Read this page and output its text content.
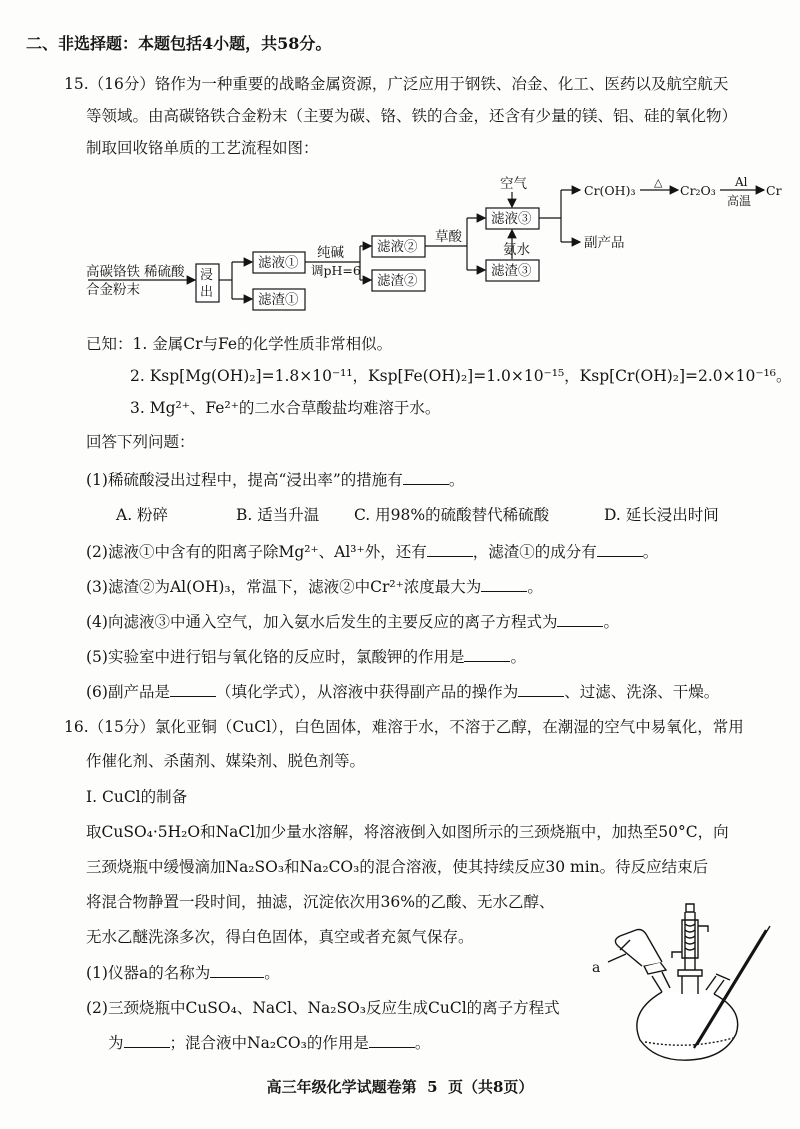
二、非选择题：本题包括4小题，共58分。
15.（16分）铬作为一种重要的战略金属资源，广泛应用于钢铁、冶金、化工、医药以及航空航天
等领域。由高碳铬铁合金粉末（主要为碳、铬、铁的合金，还含有少量的镁、铝、硅的氧化物）
制取回收铬单质的工艺流程如图：
高碳铬铁
合金粉末
稀硫酸 浸
出
滤液①
滤渣①
纯碱
调pH=6
滤液②
滤渣②
草酸
滤液③
滤渣③
空气
氨水
Cr(OH)₃
△
Cr₂O₃
Al
高温
Cr
副产品
已知：1. 金属Cr与Fe的化学性质非常相似。
2. Ksp[Mg(OH)₂]=1.8×10⁻¹¹，Ksp[Fe(OH)₂]=1.0×10⁻¹⁵，Ksp[Cr(OH)₂]=2.0×10⁻¹⁶。
3. Mg²⁺、Fe²⁺的二水合草酸盐均难溶于水。
回答下列问题：
(1)稀硫酸浸出过程中，提高“浸出率”的措施有	。
A. 粉碎	B. 适当升温 C. 用98%的硫酸替代稀硫酸	D. 延长浸出时间
(2)滤液①中含有的阳离子除Mg²⁺、Al³⁺外，还有	，滤渣①的成分有	。
(3)滤渣②为Al(OH)₃，常温下，滤液②中Cr²⁺浓度最大为	。
(4)向滤液③中通入空气，加入氨水后发生的主要反应的离子方程式为	。
(5)实验室中进行铝与氧化铬的反应时，氯酸钾的作用是	。
(6)副产品是	（填化学式），从溶液中获得副产品的操作为	、过滤、洗涤、干燥。
16.（15分）氯化亚铜（CuCl），白色固体，难溶于水，不溶于乙醇，在潮湿的空气中易氧化，常用
作催化剂、杀菌剂、媒染剂、脱色剂等。
I. CuCl的制备
取CuSO₄·5H₂O和NaCl加少量水溶解，将溶液倒入如图所示的三颈烧瓶中，加热至50°C，向
三颈烧瓶中缓慢滴加Na₂SO₃和Na₂CO₃的混合溶液，使其持续反应30 min。待反应结束后
将混合物静置一段时间，抽滤，沉淀依次用36%的乙酸、无水乙醇、
无水乙醚洗涤多次，得白色固体，真空或者充氮气保存。
(1)仪器a的名称为	。
(2)三颈烧瓶中CuSO₄、NaCl、Na₂SO₃反应生成CuCl的离子方程式
为	；混合液中Na₂CO₃的作用是	。
a
高三年级化学试题卷第 5 页（共8页）
